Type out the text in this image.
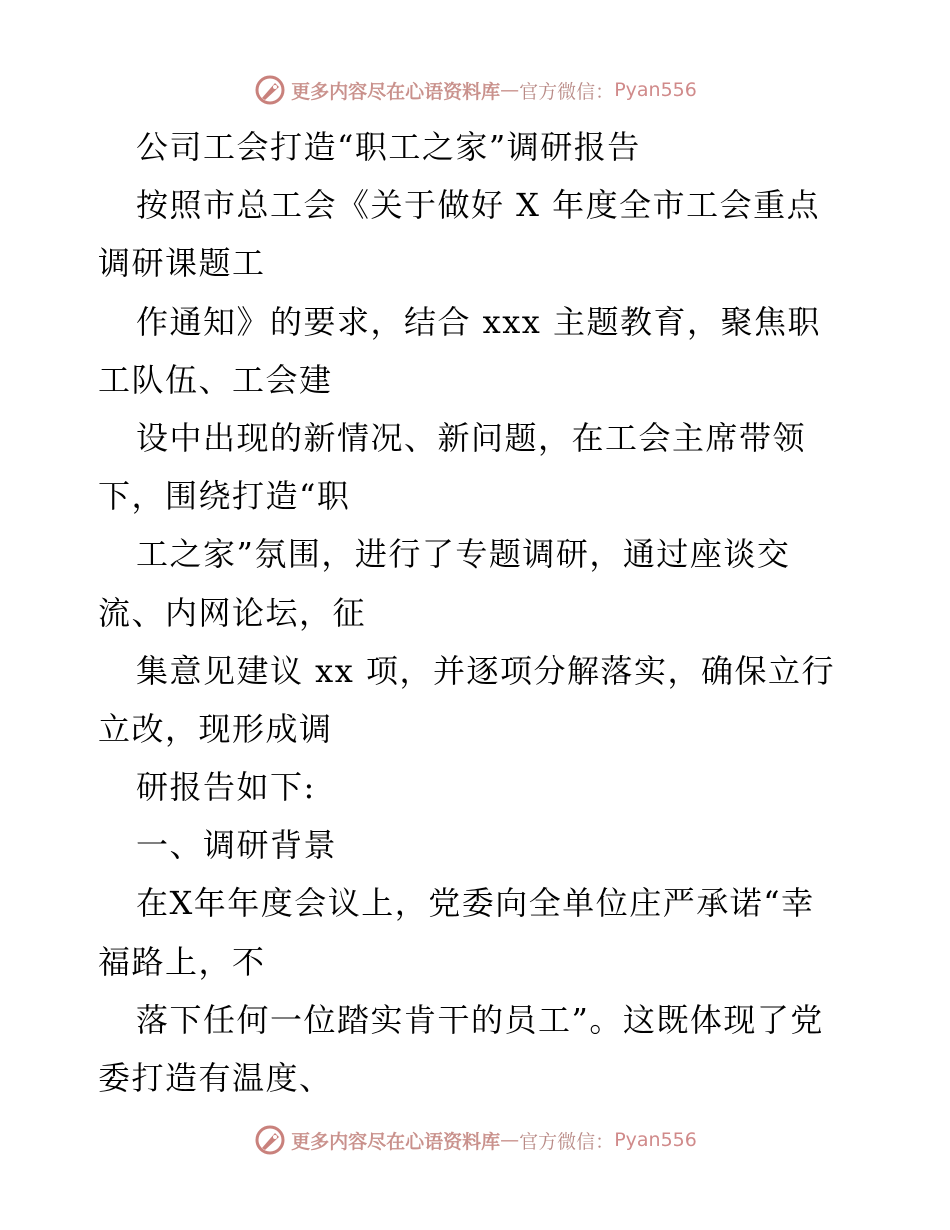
更多内容尽在心语资料库 — 官方微信： Pyan556
公司工会打造“职工之家”调研报告
按照市总工会《关于做好 X 年度全市工会重点
调研课题工
作通知》的要求，结合 xxx 主题教育，聚焦职
工队伍、工会建
设中出现的新情况、新问题，在工会主席带领
下，围绕打造“职
工之家”氛围，进行了专题调研，通过座谈交
流、内网论坛，征
集意见建议 xx 项，并逐项分解落实，确保立行
立改，现形成调
研报告如下:
一、调研背景
在X年年度会议上，党委向全单位庄严承诺“幸
福路上，不
落下任何一位踏实肯干的员工”。这既体现了党
委打造有温度、
更多内容尽在心语资料库 — 官方微信： Pyan556
